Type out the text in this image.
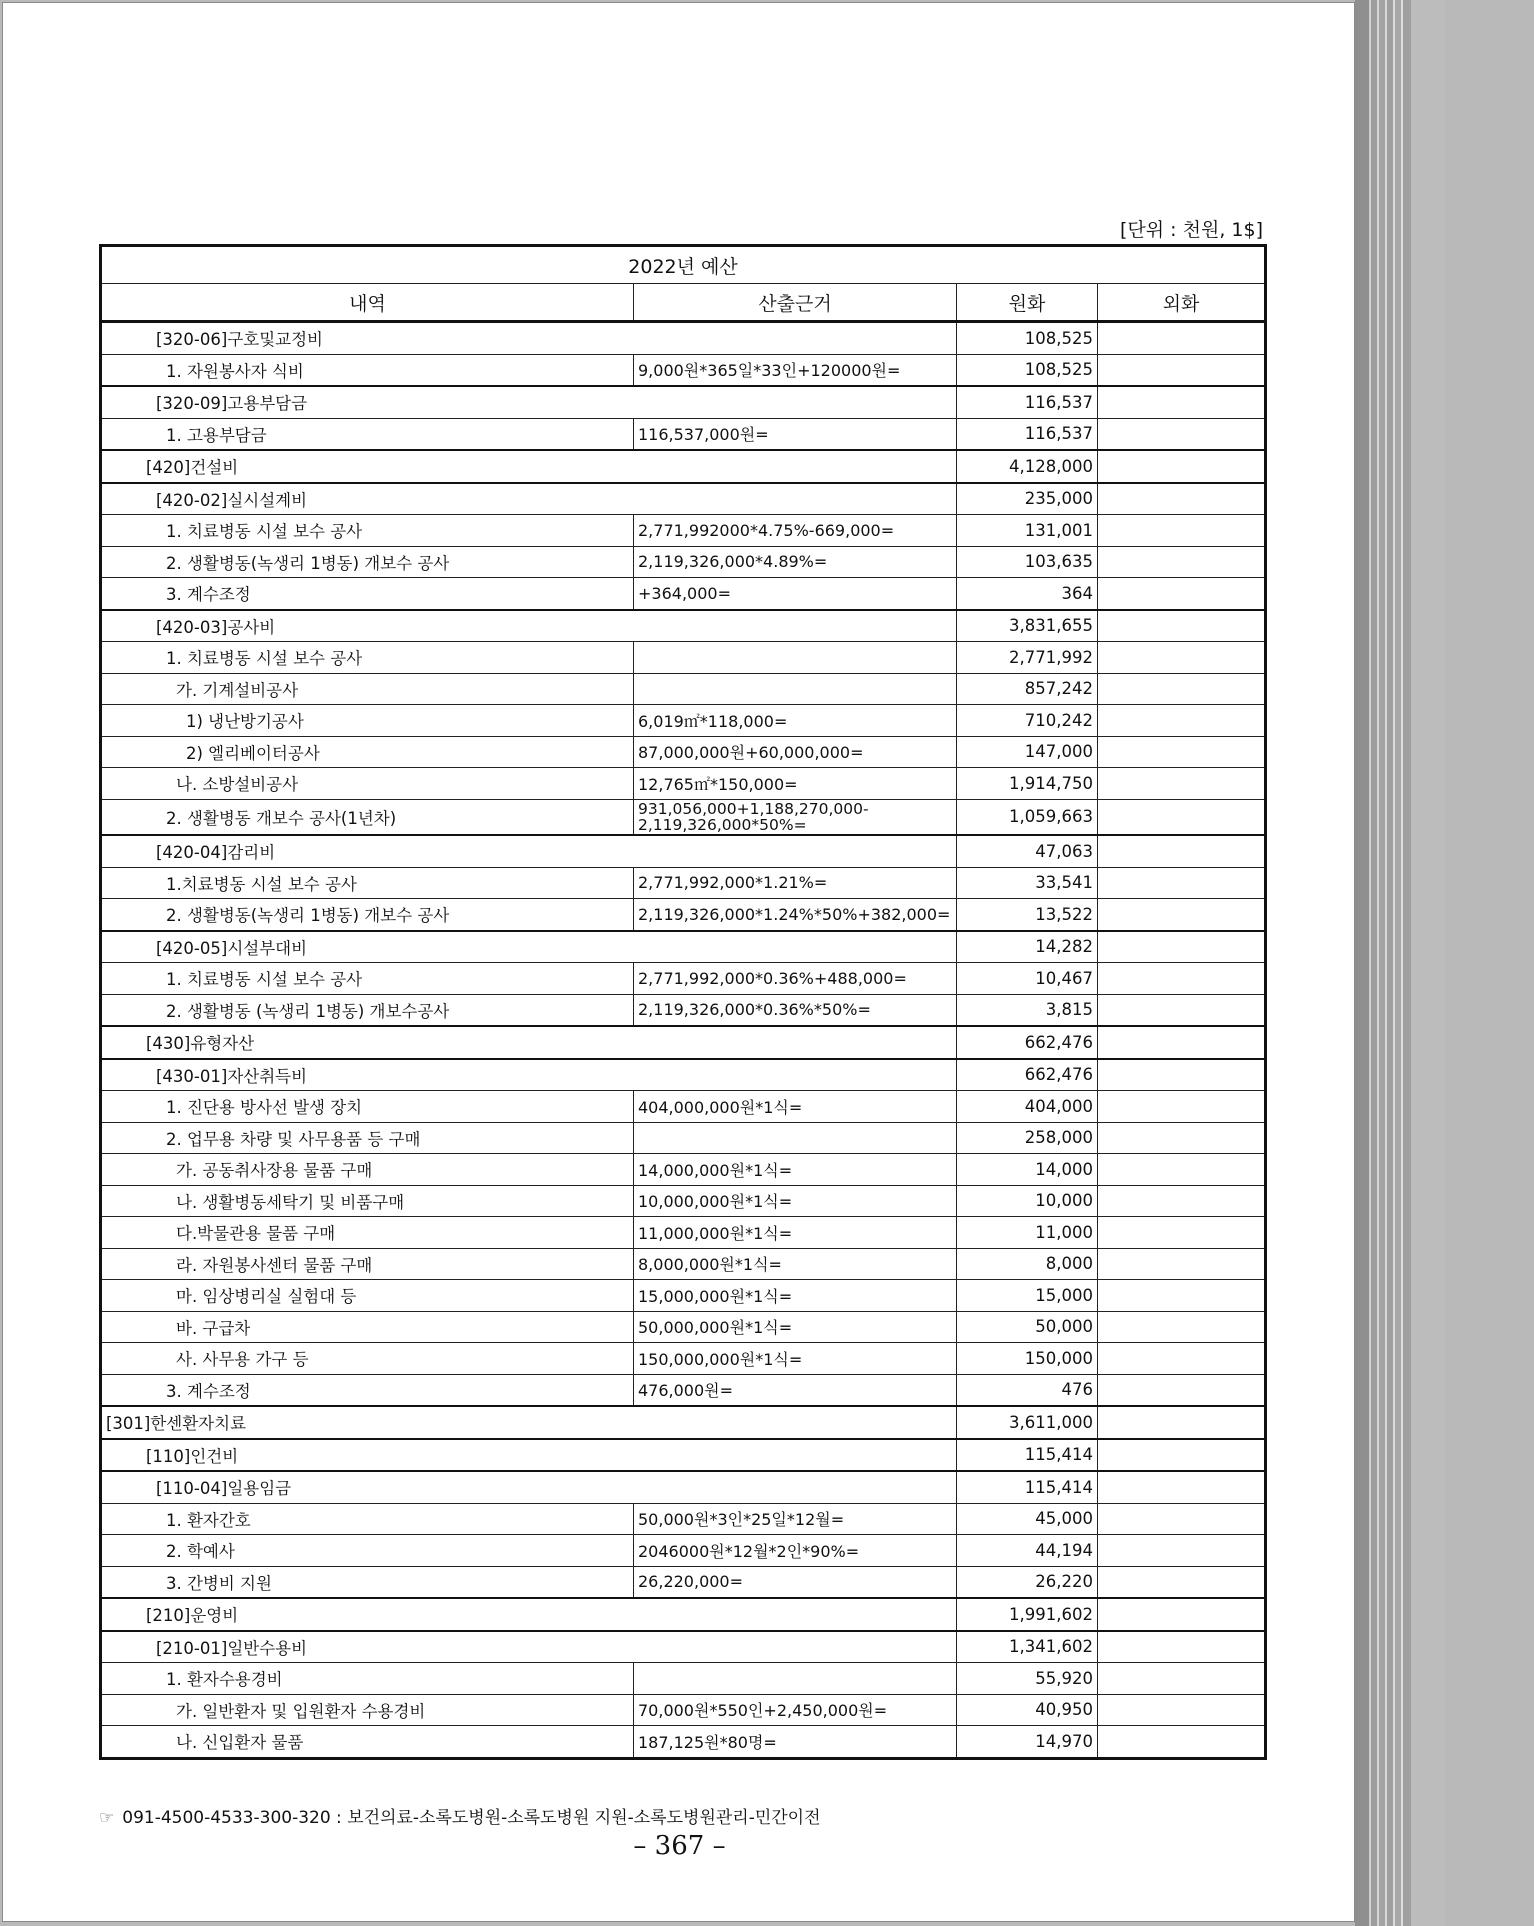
[단위 : 천원, 1$]
2022년 예산			
내역	산출근거	원화	외화
[320-06]구호및교정비		108,525	
1. 자원봉사자 식비	9,000원*365일*33인+120000원=	108,525	
[320-09]고용부담금		116,537	
1. 고용부담금	116,537,000원=	116,537	
[420]건설비		4,128,000	
[420-02]실시설계비		235,000	
1. 치료병동 시설 보수 공사	2,771,992000*4.75%-669,000=	131,001	
2. 생활병동(녹생리 1병동) 개보수 공사	2,119,326,000*4.89%=	103,635	
3. 계수조정	+364,000=	364	
[420-03]공사비		3,831,655	
1. 치료병동 시설 보수 공사		2,771,992	
가. 기계설비공사		857,242	
1) 냉난방기공사	6,019㎡*118,000=	710,242	
2) 엘리베이터공사	87,000,000원+60,000,000=	147,000	
나. 소방설비공사	12,765㎡*150,000=	1,914,750	
2. 생활병동 개보수 공사(1년차)	931,056,000+1,188,270,000-2,119,326,000*50%=	1,059,663	
[420-04]감리비		47,063	
1.치료병동 시설 보수 공사	2,771,992,000*1.21%=	33,541	
2. 생활병동(녹생리 1병동) 개보수 공사	2,119,326,000*1.24%*50%+382,000=	13,522	
[420-05]시설부대비		14,282	
1. 치료병동 시설 보수 공사	2,771,992,000*0.36%+488,000=	10,467	
2. 생활병동 (녹생리 1병동) 개보수공사	2,119,326,000*0.36%*50%=	3,815	
[430]유형자산		662,476	
[430-01]자산취득비		662,476	
1. 진단용 방사선 발생 장치	404,000,000원*1식=	404,000	
2. 업무용 차량 및 사무용품 등 구매		258,000	
가. 공동취사장용 물품 구매	14,000,000원*1식=	14,000	
나. 생활병동세탁기 및 비품구매	10,000,000원*1식=	10,000	
다.박물관용 물품 구매	11,000,000원*1식=	11,000	
라. 자원봉사센터 물품 구매	8,000,000원*1식=	8,000	
마. 임상병리실 실험대 등	15,000,000원*1식=	15,000	
바. 구급차	50,000,000원*1식=	50,000	
사. 사무용 가구 등	150,000,000원*1식=	150,000	
3. 계수조정	476,000원=	476	
[301]한센환자치료		3,611,000	
[110]인건비		115,414	
[110-04]일용임금		115,414	
1. 환자간호	50,000원*3인*25일*12월=	45,000	
2. 학예사	2046000원*12월*2인*90%=	44,194	
3. 간병비 지원	26,220,000=	26,220	
[210]운영비		1,991,602	
[210-01]일반수용비		1,341,602	
1. 환자수용경비		55,920	
가. 일반환자 및 입원환자 수용경비	70,000원*550인+2,450,000원=	40,950	
나. 신입환자 물품	187,125원*80명=	14,970	
☞ 091-4500-4533-300-320 : 보건의료-소록도병원-소록도병원 지원-소록도병원관리-민간이전
– 367 –
